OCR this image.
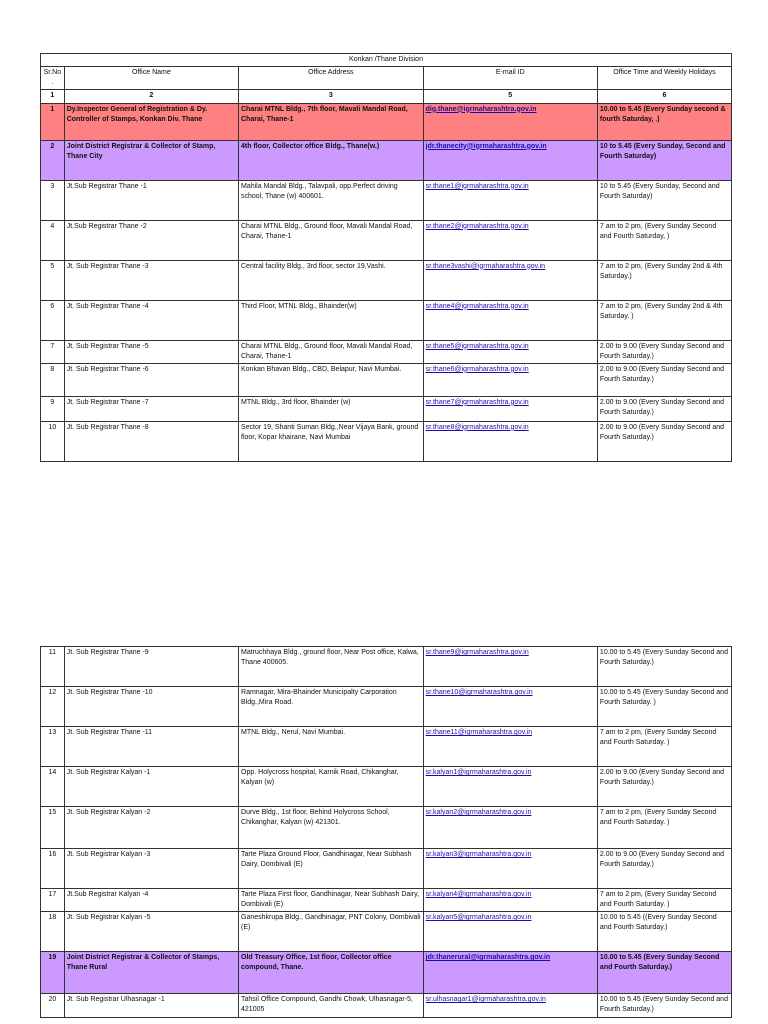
Konkan /Thane Division				
Sr.No .	Office Name	Office Address	E-mail ID	Office Time and Weekly Holidays
1	2	3	5	6
1	Dy.Inspector General of Registration & Dy. Controller of Stamps, Konkan Div. Thane	Charai MTNL Bldg., 7th floor, Mavali Mandal Road, Charai, Thane-1	dig.thane@igrmaharashtra.gov.in	10.00 to 5.45 (Every Sunday second & fourth Saturday, .)
2	Joint District Registrar & Collector of Stamp, Thane City	4th floor, Collector office Bldg., Thane(w.)	jdr.thanecity@igrmaharashtra.gov.in	10 to 5.45 (Every Sunday, Second and Fourth Saturday)
3	Jt.Sub Registrar Thane -1	Mahila Mandal Bldg., Talavpali, opp.Perfect driving school, Thane (w) 400601.	sr.thane1@igrmaharashtra.gov.in	10 to 5.45 (Every Sunday, Second and Fourth Saturday)
4	Jt.Sub Registrar Thane -2	Charai MTNL Bldg., Ground floor, Mavali Mandal Road, Charai, Thane-1	sr.thane2@igrmaharashtra.gov.in	7 am to 2 pm, (Every Sunday Second and Fourth Saturday, )
5	Jt. Sub Registrar Thane -3	Central facility Bldg., 3rd floor, sector 19,Vashi.	sr.thane3vashi@igrmaharashtra.gov.in	7 am to 2 pm, (Every Sunday 2nd & 4th Saturday.)
6	Jt. Sub Registrar Thane -4	Third Floor, MTNL Bldg., Bhainder(w)	sr.thane4@igrmaharashtra.gov.in	7 am to 2 pm, (Every Sunday 2nd & 4th Saturday. )
7	Jt. Sub Registrar Thane -5	Charai MTNL Bldg., Ground floor, Mavali Mandal Road, Charai, Thane-1	sr.thane5@igrmaharashtra.gov.in	2.00 to 9.00 (Every Sunday Second and Fourth Saturday.)
8	Jt. Sub Registrar Thane -6	Konkan Bhavan Bldg., CBD, Belapur, Navi Mumbai.	sr.thane6@igrmaharashtra.gov.in	2.00 to 9.00 (Every Sunday Second and Fourth Saturday.)
9	Jt. Sub Registrar Thane -7	MTNL Bldg., 3rd floor, Bhainder (w)	sr.thane7@igrmaharashtra.gov.in	2.00 to 9.00 (Every Sunday Second and Fourth Saturday.)
10	Jt. Sub Registrar Thane -8	Sector 19, Shanti Suman Bldg.,Near Vijaya Bank, ground floor, Kopar khairane, Navi Mumbai	sr.thane8@igrmaharashtra.gov.in	2.00 to 9.00 (Every Sunday Second and Fourth Saturday.)
11	Jt. Sub Registrar Thane -9	Matruchhaya Bldg., ground floor, Near Post office, Kalwa, Thane 400605.	sr.thane9@igrmaharashtra.gov.in	10.00 to 5.45 (Every Sunday Second and Fourth Saturday.)
12	Jt. Sub Registrar Thane -10	Ramnagar, Mira-Bhainder Municipalty Carporation Bldg.,Mira Road.	sr.thane10@igrmaharashtra.gov.in	10.00 to 5.45 (Every Sunday Second and Fourth Saturday. )
13	Jt. Sub Registrar Thane -11	MTNL Bldg., Nerul, Navi Mumbai.	sr.thane11@igrmaharashtra.gov.in	7 am to 2 pm, (Every Sunday Second and Fourth Saturday. )
14	Jt. Sub Registrar Kalyan -1	Opp. Holycross hospital, Karnik Road, Chikanghar, Kalyan (w)	sr.kalyan1@igrmaharashtra.gov.in	2.00 to 9.00 (Every Sunday Second and Fourth Saturday.)
15	Jt. Sub Registrar Kalyan -2	Durve Bldg., 1st floor, Behind Holycross School, Chikanghar, Kalyan (w) 421301.	sr.kalyan2@igrmaharashtra.gov.in	7 am to 2 pm, (Every Sunday Second and Fourth Saturday. )
16	Jt. Sub Registrar Kalyan -3	Tarte Plaza Ground Floor, Gandhinagar, Near Subhash Dairy, Dombivali (E)	sr.kalyan3@igrmaharashtra.gov.in	2.00 to 9.00 (Every Sunday Second and Fourth Saturday.)
17	Jt.Sub Registrar Kalyan -4	Tarte Plaza First floor, Gandhinagar, Near Subhash Dairy, Dombivali (E)	sr.kalyan4@igrmaharashtra.gov.in	7 am to 2 pm, (Every Sunday Second and Fourth Saturday. )
18	Jt. Sub Registrar Kalyan -5	Ganeshkrupa Bldg., Gandhinagar, PNT Colony, Dombivali (E)	sr.kalyan5@igrmaharashtra.gov.in	10.00 to 5.45 ((Every Sunday Second and Fourth Saturday.)
19	Joint District Registrar & Collector of Stamps, Thane Rural	Old Treasury Office, 1st floor, Collector office compound, Thane.	jdr.thanerural@igrmaharashtra.gov.in	10.00 to 5.45 (Every Sunday Second and Fourth Saturday.)
20	Jt. Sub Registrar Ulhasnagar -1	Tahsil Office Compound, Gandhi Chowk, Ulhasnagar-5, 421005	sr.ulhasnagar1@igrmaharashtra.gov.in	10.00 to 5.45 (Every Sunday Second and Fourth Saturday.)
